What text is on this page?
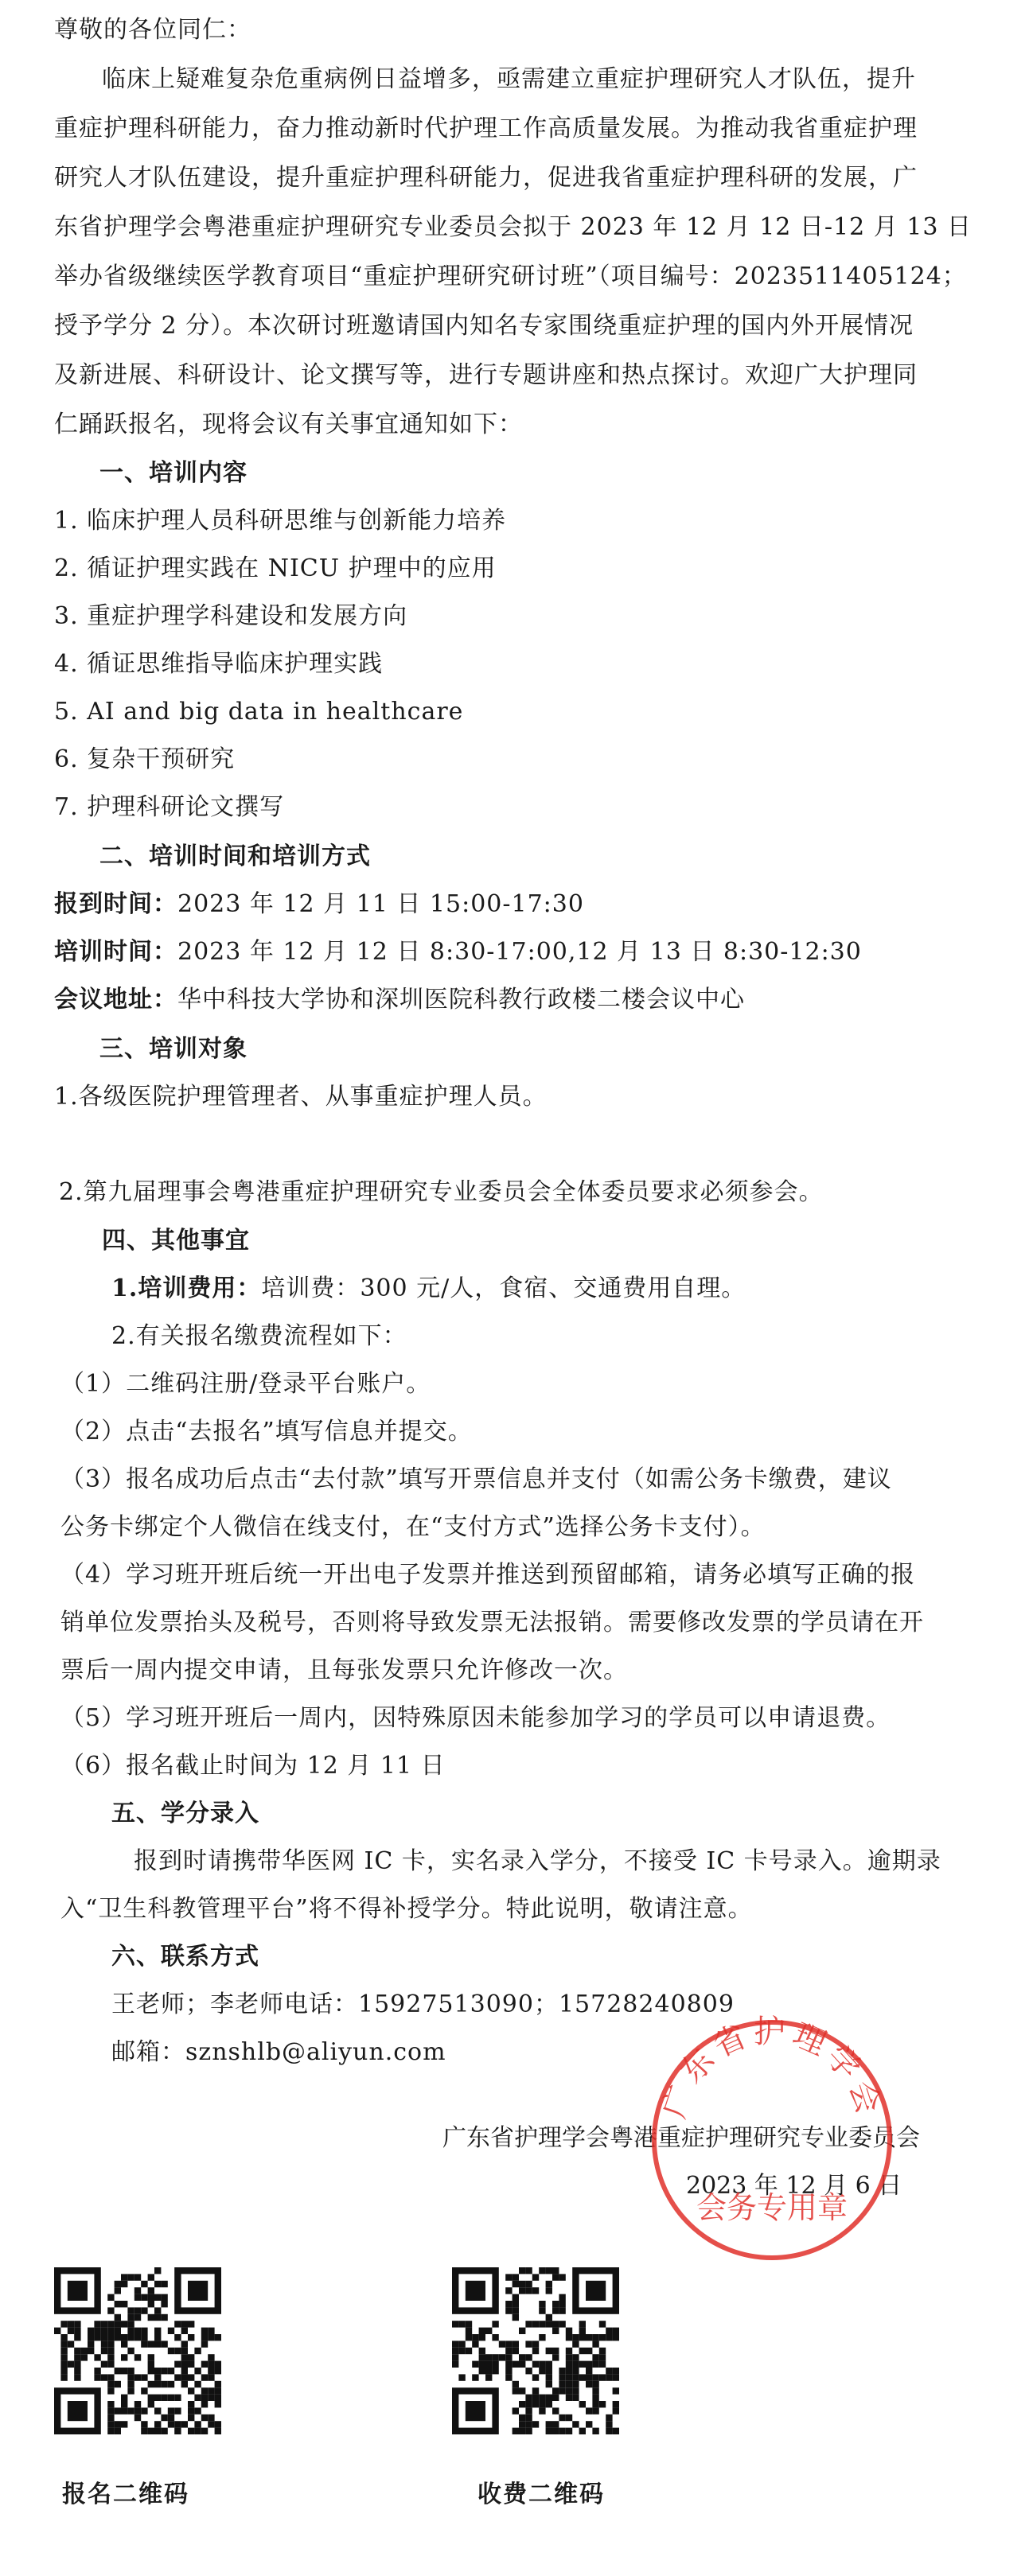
尊敬的各位同仁：
临床上疑难复杂危重病例日益增多，亟需建立重症护理研究人才队伍，提升
重症护理科研能力，奋力推动新时代护理工作高质量发展。为推动我省重症护理
研究人才队伍建设，提升重症护理科研能力，促进我省重症护理科研的发展，广
东省护理学会粤港重症护理研究专业委员会拟于 2023 年 12 月 12 日-12 月 13 日
举办省级继续医学教育项目“重症护理研究研讨班”（项目编号：2023511405124；
授予学分 2 分）。本次研讨班邀请国内知名专家围绕重症护理的国内外开展情况
及新进展、科研设计、论文撰写等，进行专题讲座和热点探讨。欢迎广大护理同
仁踊跃报名，现将会议有关事宜通知如下：
一、培训内容
1. 临床护理人员科研思维与创新能力培养
2. 循证护理实践在 NICU 护理中的应用
3. 重症护理学科建设和发展方向
4. 循证思维指导临床护理实践
5. AI and big data in healthcare
6. 复杂干预研究
7. 护理科研论文撰写
二、培训时间和培训方式
报到时间：2023 年 12 月 11 日 15:00-17:30
培训时间：2023 年 12 月 12 日 8:30-17:00,12 月 13 日 8:30-12:30
会议地址：华中科技大学协和深圳医院科教行政楼二楼会议中心
三、培训对象
1.各级医院护理管理者、从事重症护理人员。
2.第九届理事会粤港重症护理研究专业委员会全体委员要求必须参会。
四、其他事宜
1.培训费用：培训费：300 元/人，食宿、交通费用自理。
2.有关报名缴费流程如下：
（1）二维码注册/登录平台账户。
（2）点击“去报名”填写信息并提交。
（3）报名成功后点击“去付款”填写开票信息并支付（如需公务卡缴费，建议
公务卡绑定个人微信在线支付，在“支付方式”选择公务卡支付）。
（4）学习班开班后统一开出电子发票并推送到预留邮箱，请务必填写正确的报
销单位发票抬头及税号，否则将导致发票无法报销。需要修改发票的学员请在开
票后一周内提交申请，且每张发票只允许修改一次。
（5）学习班开班后一周内，因特殊原因未能参加学习的学员可以申请退费。
（6）报名截止时间为 12 月 11 日
五、学分录入
报到时请携带华医网 IC 卡，实名录入学分，不接受 IC 卡号录入。逾期录
入“卫生科教管理平台”将不得补授学分。特此说明，敬请注意。
六、联系方式
王老师；李老师电话：15927513090；15728240809
邮箱：sznshlb@aliyun.com
广东省护理学会粤港重症护理研究专业委员会
2023 年 12 月 6 日
广东省护理学会
会务专用章
报名二维码	收费二维码
